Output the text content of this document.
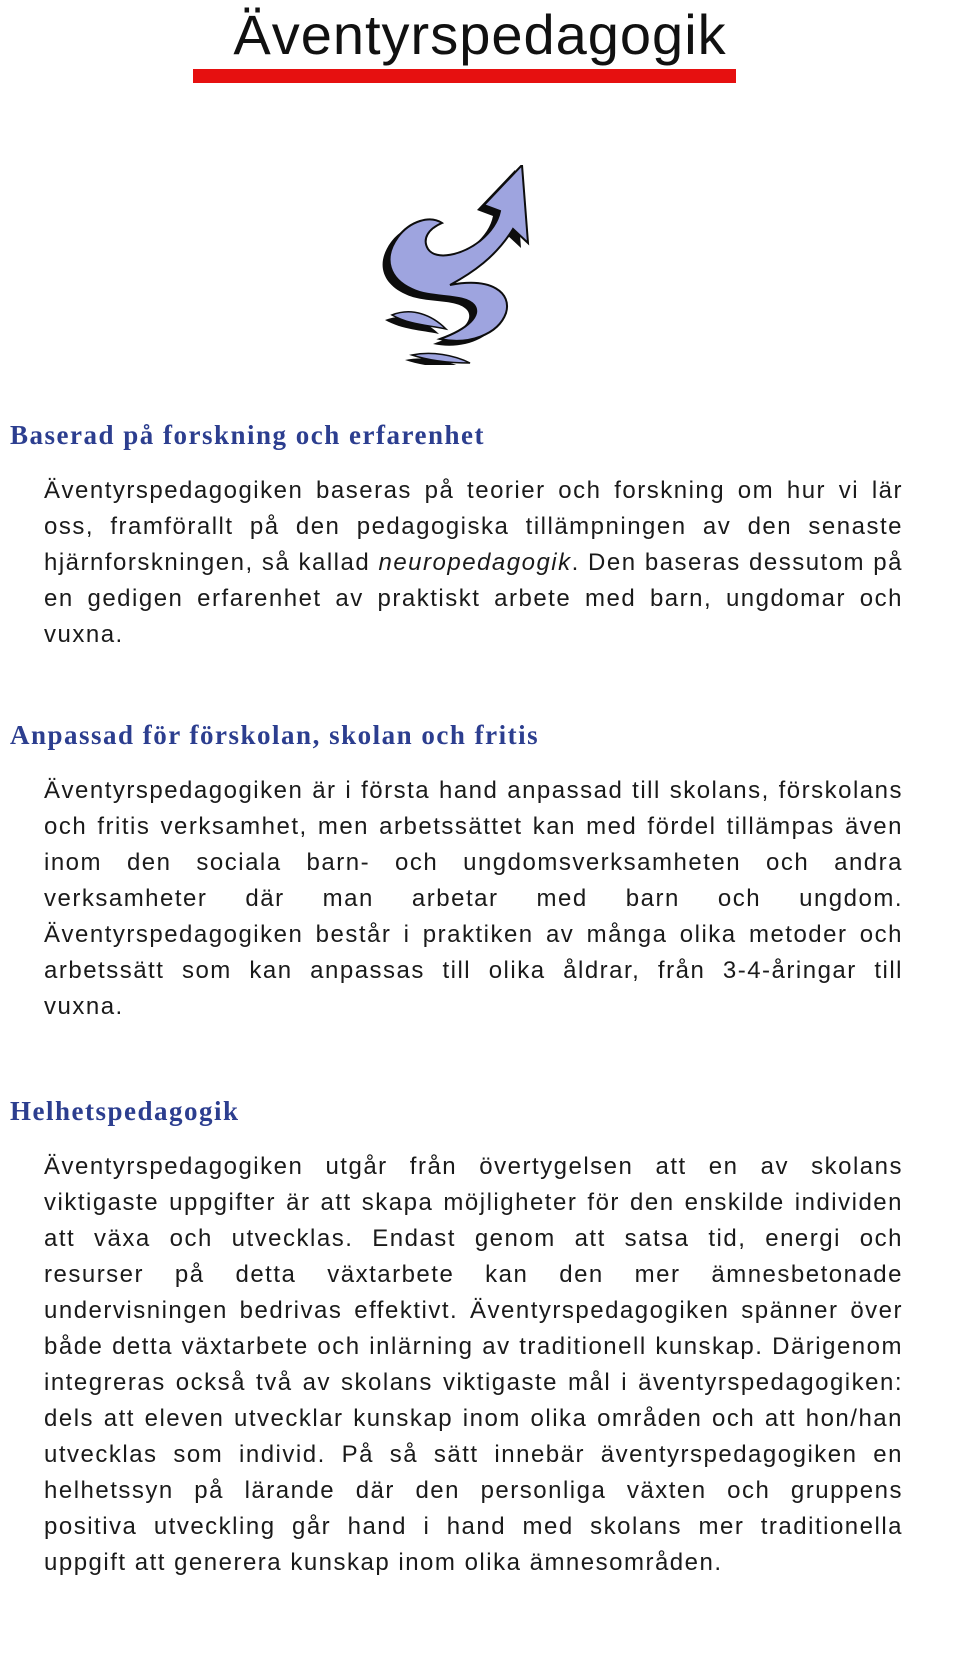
Äventyrspedagogik
Baserad på forskning och erfarenhet

Äventyrspedagogiken baseras på teorier och forskning om hur vi lär oss, framförallt på den pedagogiska tillämpningen av den senaste hjärnforskningen, så kallad neuropedagogik. Den baseras dessutom på en gedigen erfarenhet av praktiskt arbete med barn, ungdomar och vuxna.

Anpassad för förskolan, skolan och fritis

Äventyrspedagogiken är i första hand anpassad till skolans, förskolans och fritis verksamhet, men arbetssättet kan med fördel tillämpas även inom den sociala barn- och ungdomsverksamheten och andra verksamheter där man arbetar med barn och ungdom. Äventyrspedagogiken består i praktiken av många olika metoder och arbetssätt som kan anpassas till olika åldrar, från 3-4-åringar till vuxna.

Helhetspedagogik

Äventyrspedagogiken utgår från övertygelsen att en av skolans viktigaste uppgifter är att skapa möjligheter för den enskilde individen att växa och utvecklas. Endast genom att satsa tid, energi och resurser på detta växtarbete kan den mer ämnesbetonade undervisningen bedrivas effektivt. Äventyrspedagogiken spänner över både detta växtarbete och inlärning av traditionell kunskap. Därigenom integreras också två av skolans viktigaste mål i äventyrspedagogiken: dels att eleven utvecklar kunskap inom olika områden och att hon/han utvecklas som individ. På så sätt innebär äventyrspedagogiken en helhetssyn på lärande där den personliga växten och gruppens positiva utveckling går hand i hand med skolans mer traditionella uppgift att generera kunskap inom olika ämnesområden.
